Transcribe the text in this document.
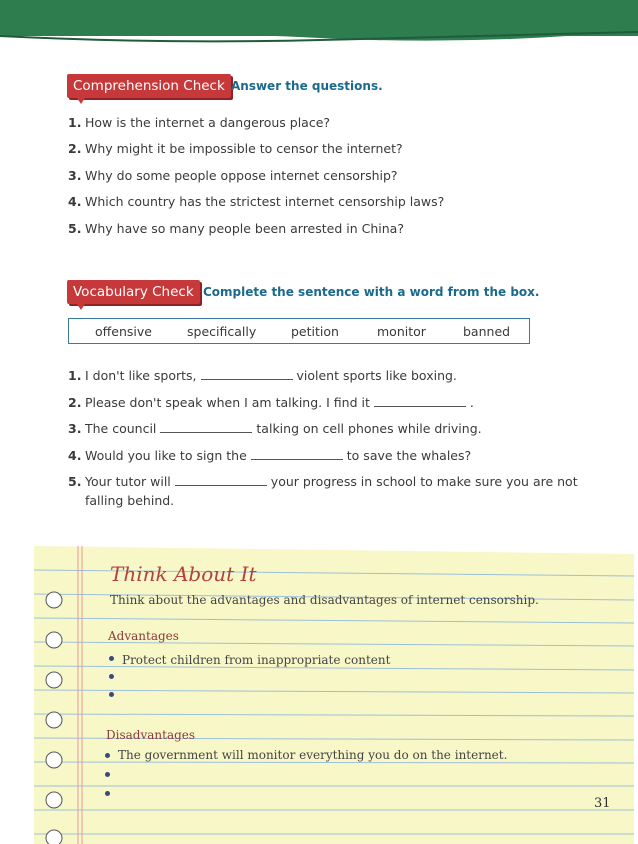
Comprehension Check Answer the questions.
1. How is the internet a dangerous place?
2. Why might it be impossible to censor the internet?
3. Why do some people oppose internet censorship?
4. Which country has the strictest internet censorship laws?
5. Why have so many people been arrested in China?
Vocabulary Check Complete the sentence with a word from the box.
offensive	specifically	petition	monitor	banned
1. I don't like sports,	violent sports like boxing.
2. Please don't speak when I am talking. I find it	.
3. The council	talking on cell phones while driving.
4. Would you like to sign the	to save the whales?
5. Your tutor will	your progress in school to make sure you are not
falling behind.
Think About It
Think about the advantages and disadvantages of internet censorship.
Advantages
Protect children from inappropriate content
Disadvantages
The government will monitor everything you do on the internet.
31
